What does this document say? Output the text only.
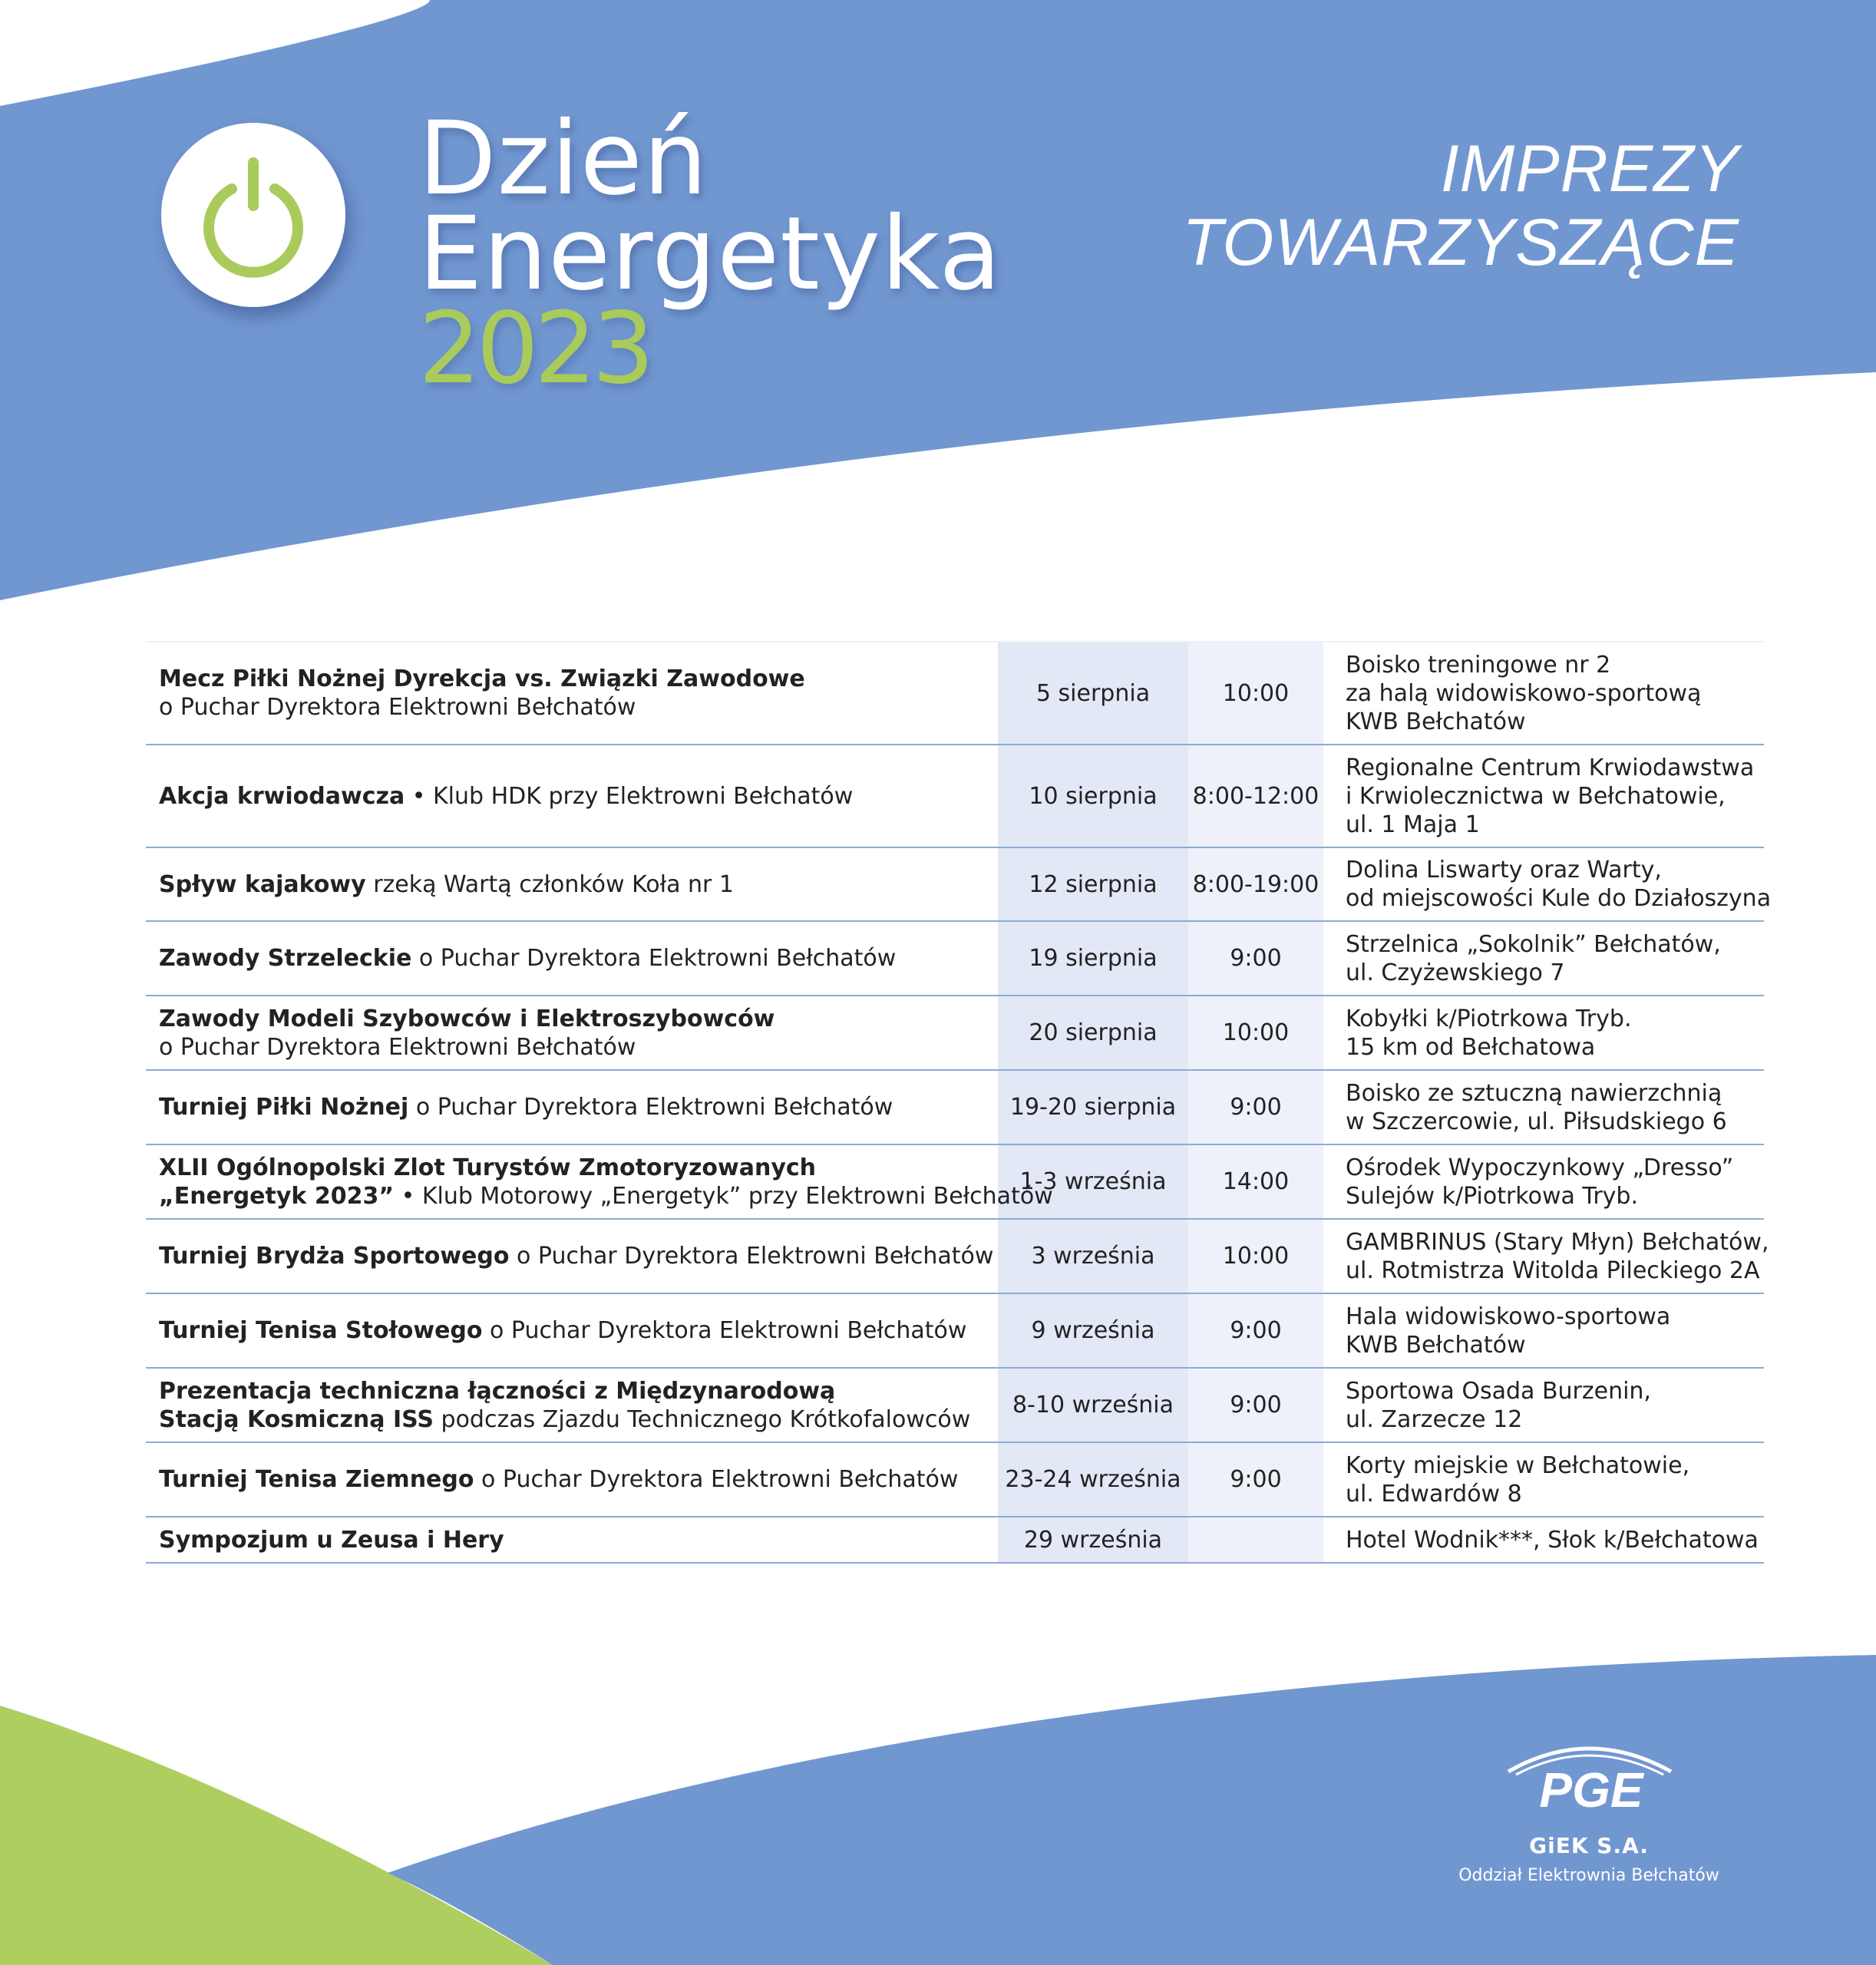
Dzień
Energetyka
2023
IMPREZY
TOWARZYSZĄCE

Mecz Piłki Nożnej Dyrekcja vs. Związki Zawodowe
o Puchar Dyrektora Elektrowni Bełchatów	5 sierpnia	10:00		Boisko treningowe nr 2
za halą widowiskowo-sportową
KWB Bełchatów

Akcja krwiodawcza • Klub HDK przy Elektrowni Bełchatów	10 sierpnia	8:00-12:00		Regionalne Centrum Krwiodawstwa
i Krwiolecznictwa w Bełchatowie,
ul. 1 Maja 1

Spływ kajakowy rzeką Wartą członków Koła nr 1	12 sierpnia	8:00-19:00		Dolina Liswarty oraz Warty,
od miejscowości Kule do Działoszyna

Zawody Strzeleckie o Puchar Dyrektora Elektrowni Bełchatów	19 sierpnia	9:00		Strzelnica „Sokolnik” Bełchatów,
ul. Czyżewskiego 7

Zawody Modeli Szybowców i Elektroszybowców
o Puchar Dyrektora Elektrowni Bełchatów	20 sierpnia	10:00		Kobyłki k/Piotrkowa Tryb.
15 km od Bełchatowa

Turniej Piłki Nożnej o Puchar Dyrektora Elektrowni Bełchatów	19-20 sierpnia	9:00		Boisko ze sztuczną nawierzchnią
w Szczercowie, ul. Piłsudskiego 6

XLII Ogólnopolski Zlot Turystów Zmotoryzowanych
„Energetyk 2023” • Klub Motorowy „Energetyk” przy Elektrowni Bełchatów	1-3 września	14:00		Ośrodek Wypoczynkowy „Dresso”
Sulejów k/Piotrkowa Tryb.

Turniej Brydża Sportowego o Puchar Dyrektora Elektrowni Bełchatów	3 września	10:00		GAMBRINUS (Stary Młyn) Bełchatów,
ul. Rotmistrza Witolda Pileckiego 2A

Turniej Tenisa Stołowego o Puchar Dyrektora Elektrowni Bełchatów	9 września	9:00		Hala widowiskowo-sportowa
KWB Bełchatów

Prezentacja techniczna łączności z Międzynarodową
Stacją Kosmiczną ISS podczas Zjazdu Technicznego Krótkofalowców	8-10 września	9:00		Sportowa Osada Burzenin,
ul. Zarzecze 12

Turniej Tenisa Ziemnego o Puchar Dyrektora Elektrowni Bełchatów	23-24 września	9:00		Korty miejskie w Bełchatowie,
ul. Edwardów 8

Sympozjum u Zeusa i Hery	29 września			Hotel Wodnik***, Słok k/Bełchatowa
PGE
GiEK S.A.
Oddział Elektrownia Bełchatów
